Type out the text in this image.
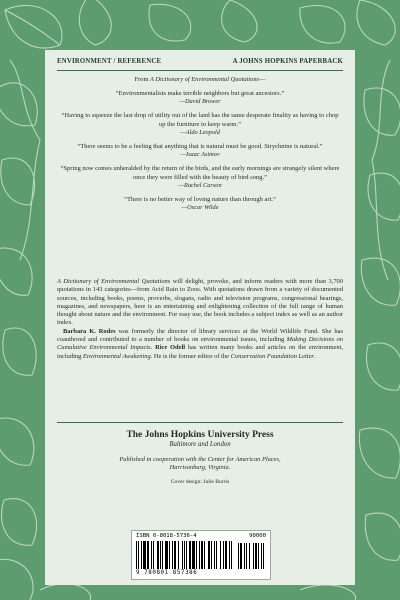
ENVIRONMENT / REFERENCE	A JOHNS HOPKINS PAPERBACK
From A Dictionary of Environmental Quotations—

“Environmentalists make terrible neighbors but great ancestors.”
—David Brower

“Having to squeeze the last drop of utility out of the land has the same desperate finality as having to chop up the furniture to keep warm.”
—Aldo Leopold

“There seems to be a feeling that anything that is natural must be good. Strychnine is natural.”
—Isaac Asimov

“Spring now comes unheralded by the return of the birds, and the early mornings are strangely silent where once they were filled with the beauty of bird song.”
—Rachel Carson

“There is no better way of loving nature than through art.”
—Oscar Wilde

A Dictionary of Environmental Quotations will delight, provoke, and inform readers with more than 3,700 quotations in 143 categories—from Acid Rain to Zoos. With quotations drawn from a variety of documented sources, including books, poems, proverbs, slogans, radio and television programs, congressional hearings, magazines, and newspapers, here is an entertaining and enlightening collection of the full range of human thought about nature and the environment. For easy use, the book includes a subject index as well as an author index.

Barbara K. Rodes was formerly the director of library services at the World Wildlife Fund. She has coauthored and contributed to a number of books on environmental issues, including Making Decisions on Cumulative Environmental Impacts. Rice Odell has written many books and articles on the environment, including Environmental Awakening. He is the former editor of the Conservation Foundation Letter.

The Johns Hopkins University Press
Baltimore and London
Published in cooperation with the Center for American Places,
Harrisonburg, Virginia.
Cover design: Julie Burris
ISBN 0-8018-5736-4	90000
9 780801 857386
